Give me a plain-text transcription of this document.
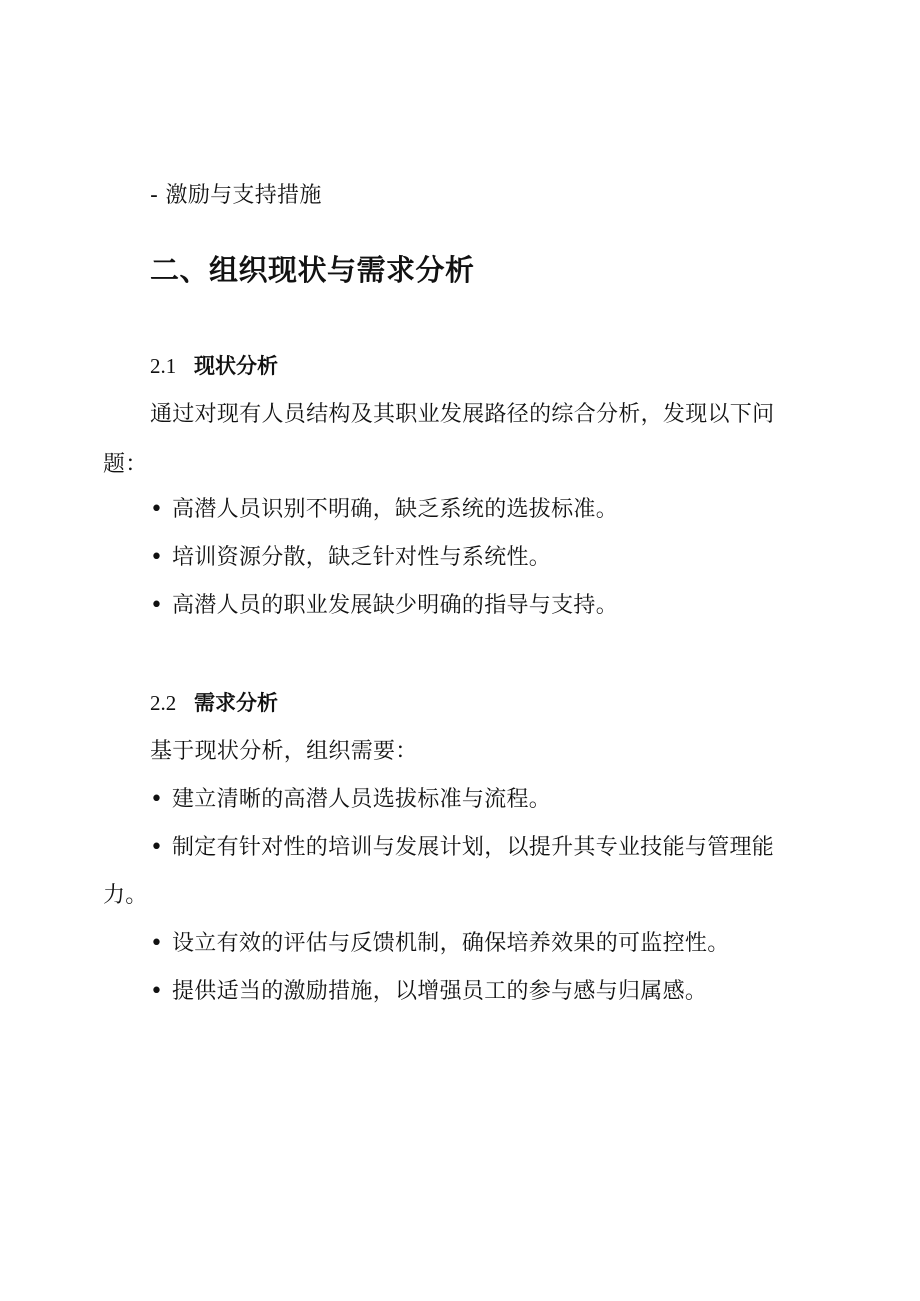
- 激励与支持措施
二、组织现状与需求分析
2.1 现状分析
通过对现有人员结构及其职业发展路径的综合分析，发现以下问
题：
• 高潜人员识别不明确，缺乏系统的选拔标准。
• 培训资源分散，缺乏针对性与系统性。
• 高潜人员的职业发展缺少明确的指导与支持。
2.2 需求分析
基于现状分析，组织需要：
• 建立清晰的高潜人员选拔标准与流程。
• 制定有针对性的培训与发展计划，以提升其专业技能与管理能
力。
• 设立有效的评估与反馈机制，确保培养效果的可监控性。
• 提供适当的激励措施，以增强员工的参与感与归属感。
